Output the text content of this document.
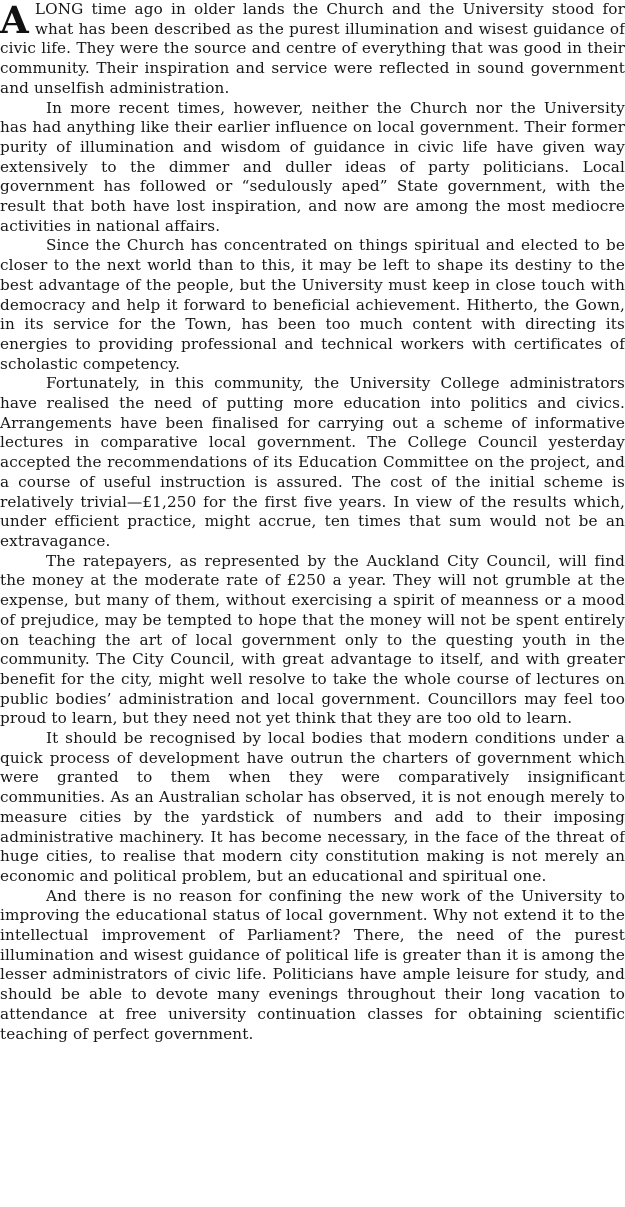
ALONG time ago in older lands the Church and the University stood for what has been described as the purest illumination and wisest guidance of civic life. They were the source and centre of everything that was good in their community. Their inspiration and service were reflected in sound government and unselfish administration.

In more recent times, however, neither the Church nor the University has had anything like their earlier influence on local government. Their former purity of illumination and wisdom of guidance in civic life have given way extensively to the dimmer and duller ideas of party politicians. Local government has followed or “sedulously aped” State government, with the result that both have lost inspiration, and now are among the most mediocre activities in national affairs.

Since the Church has concentrated on things spiritual and elected to be closer to the next world than to this, it may be left to shape its destiny to the best advantage of the people, but the University must keep in close touch with democracy and help it forward to beneficial achievement. Hitherto, the Gown, in its service for the Town, has been too much content with directing its energies to providing professional and technical workers with certificates of scholastic competency.

Fortunately, in this community, the University College administrators have realised the need of putting more education into politics and civics. Arrangements have been finalised for carrying out a scheme of informative lectures in comparative local government. The College Council yesterday accepted the recommendations of its Education Committee on the project, and a course of useful instruction is assured. The cost of the initial scheme is relatively trivial—£1,250 for the first five years. In view of the results which, under efficient practice, might accrue, ten times that sum would not be an extravagance.

The ratepayers, as represented by the Auckland City Council, will find the money at the moderate rate of £250 a year. They will not grumble at the expense, but many of them, without exercising a spirit of meanness or a mood of prejudice, may be tempted to hope that the money will not be spent entirely on teaching the art of local government only to the questing youth in the community. The City Council, with great advantage to itself, and with greater benefit for the city, might well resolve to take the whole course of lectures on public bodies’ administration and local government. Councillors may feel too proud to learn, but they need not yet think that they are too old to learn.

It should be recognised by local bodies that modern conditions under a quick process of development have outrun the charters of government which were granted to them when they were comparatively insignificant communities. As an Australian scholar has observed, it is not enough merely to measure cities by the yardstick of numbers and add to their imposing administrative machinery. It has become necessary, in the face of the threat of huge cities, to realise that modern city constitution making is not merely an economic and political problem, but an educational and spiritual one.

And there is no reason for confining the new work of the University to improving the educational status of local government. Why not extend it to the intellectual improvement of Parliament? There, the need of the purest illumination and wisest guidance of political life is greater than it is among the lesser administrators of civic life. Politicians have ample leisure for study, and should be able to devote many evenings throughout their long vacation to attendance at free university continuation classes for obtaining scientific teaching of perfect government.
